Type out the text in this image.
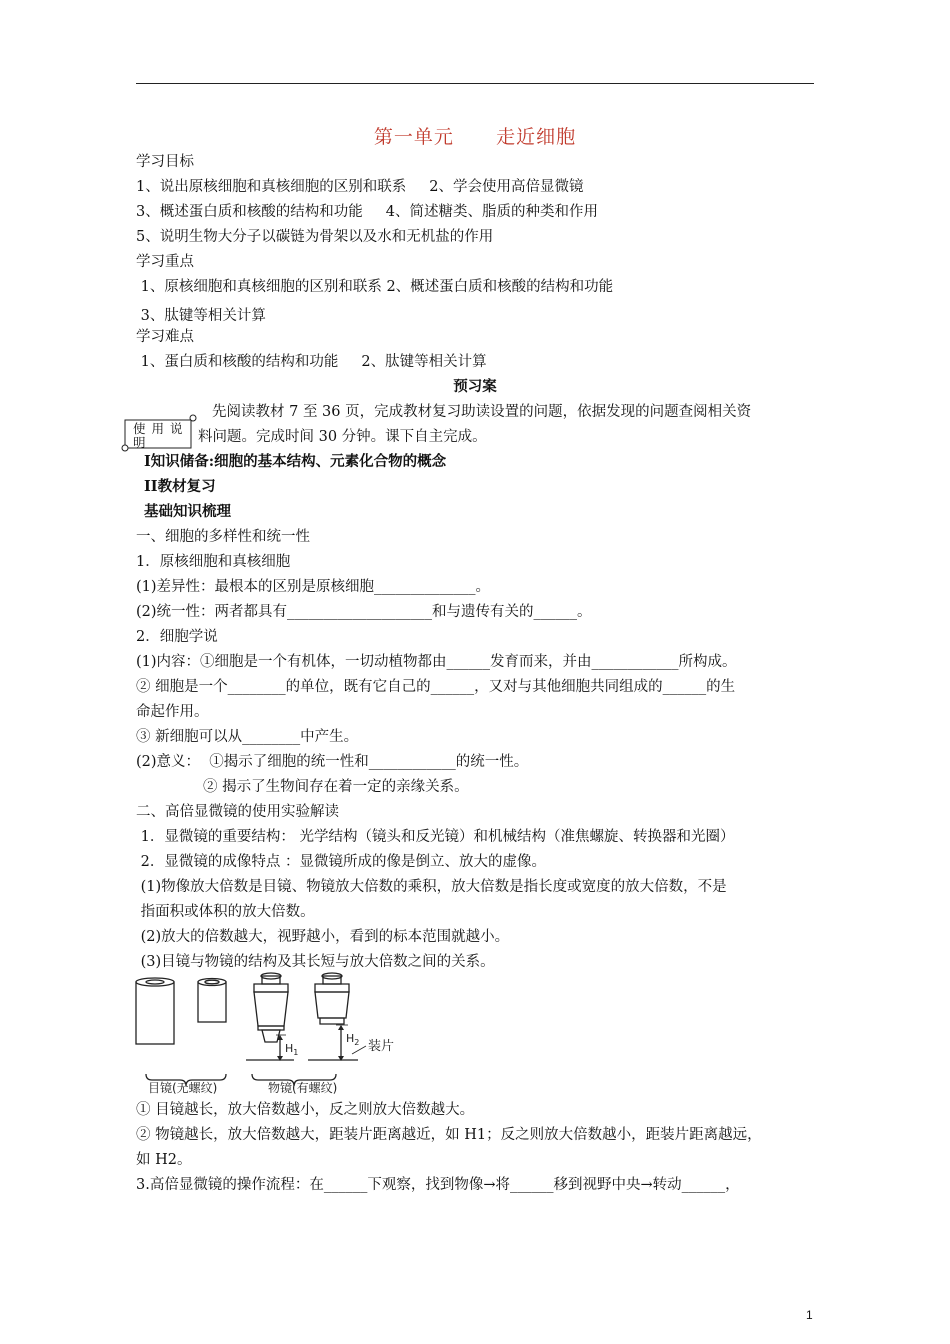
第一单元      走近细胞
学习目标
1、说出原核细胞和真核细胞的区别和联系     2、学会使用高倍显微镜
3、概述蛋白质和核酸的结构和功能     4、简述糖类、脂质的种类和作用
5、说明生物大分子以碳链为骨架以及水和无机盐的作用
学习重点
1、原核细胞和真核细胞的区别和联系 2、概述蛋白质和核酸的结构和功能
3、肽键等相关计算
学习难点
1、蛋白质和核酸的结构和功能     2、肽键等相关计算
预习案
使 用 说 明
先阅读教材 7 至 36 页，完成教材复习助读设置的问题，依据发现的问题查阅相关资
料问题。完成时间 30 分钟。课下自主完成。
I知识储备:细胞的基本结构、元素化合物的概念
II教材复习
基础知识梳理
一、细胞的多样性和统一性
1．原核细胞和真核细胞
(1)差异性：最根本的区别是原核细胞______________。
(2)统一性：两者都具有____________________和与遗传有关的______。
2．细胞学说
(1)内容：①细胞是一个有机体，一切动植物都由______发育而来，并由____________所构成。
② 细胞是一个________的单位，既有它自己的______，又对与其他细胞共同组成的______的生
命起作用。
③ 新细胞可以从________中产生。
(2)意义：  ①揭示了细胞的统一性和____________的统一性。
② 揭示了生物间存在着一定的亲缘关系。
二、高倍显微镜的使用实验解读
1．显微镜的重要结构： 光学结构（镜头和反光镜）和机械结构（准焦螺旋、转换器和光圈）
2．显微镜的成像特点 ：显微镜所成的像是倒立、放大的虚像。
(1)物像放大倍数是目镜、物镜放大倍数的乘积，放大倍数是指长度或宽度的放大倍数，不是
指面积或体积的放大倍数。
(2)放大的倍数越大，视野越小，看到的标本范围就越小。
(3)目镜与物镜的结构及其长短与放大倍数之间的关系。
$H_1$
$H_2$ 装片
目镜(无螺纹)	物镜(有螺纹)
① 目镜越长，放大倍数越小，反之则放大倍数越大。
② 物镜越长，放大倍数越大，距装片距离越近，如 H1；反之则放大倍数越小，距装片距离越远，
如 H2。
3.高倍显微镜的操作流程：在______下观察，找到物像→将______移到视野中央→转动______，
1
